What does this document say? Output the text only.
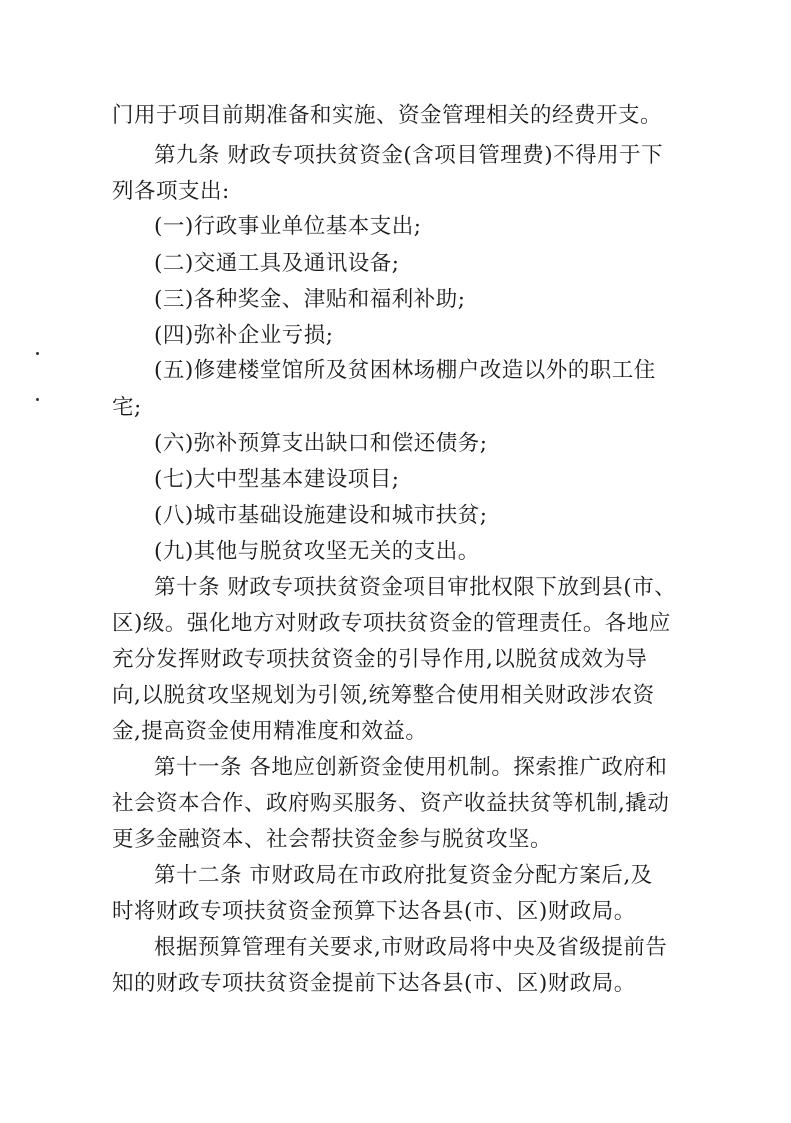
门用于项目前期准备和实施、资金管理相关的经费开支。
第九条 财政专项扶贫资金(含项目管理费)不得用于下
列各项支出:
(一)行政事业单位基本支出;
(二)交通工具及通讯设备;
(三)各种奖金、津贴和福利补助;
(四)弥补企业亏损;
(五)修建楼堂馆所及贫困林场棚户改造以外的职工住
宅;
(六)弥补预算支出缺口和偿还债务;
(七)大中型基本建设项目;
(八)城市基础设施建设和城市扶贫;
(九)其他与脱贫攻坚无关的支出。
第十条 财政专项扶贫资金项目审批权限下放到县(市、
区)级。强化地方对财政专项扶贫资金的管理责任。各地应
充分发挥财政专项扶贫资金的引导作用,以脱贫成效为导
向,以脱贫攻坚规划为引领,统筹整合使用相关财政涉农资
金,提高资金使用精准度和效益。
第十一条 各地应创新资金使用机制。探索推广政府和
社会资本合作、政府购买服务、资产收益扶贫等机制,撬动
更多金融资本、社会帮扶资金参与脱贫攻坚。
第十二条 市财政局在市政府批复资金分配方案后,及
时将财政专项扶贫资金预算下达各县(市、区)财政局。
根据预算管理有关要求,市财政局将中央及省级提前告
知的财政专项扶贫资金提前下达各县(市、区)财政局。
